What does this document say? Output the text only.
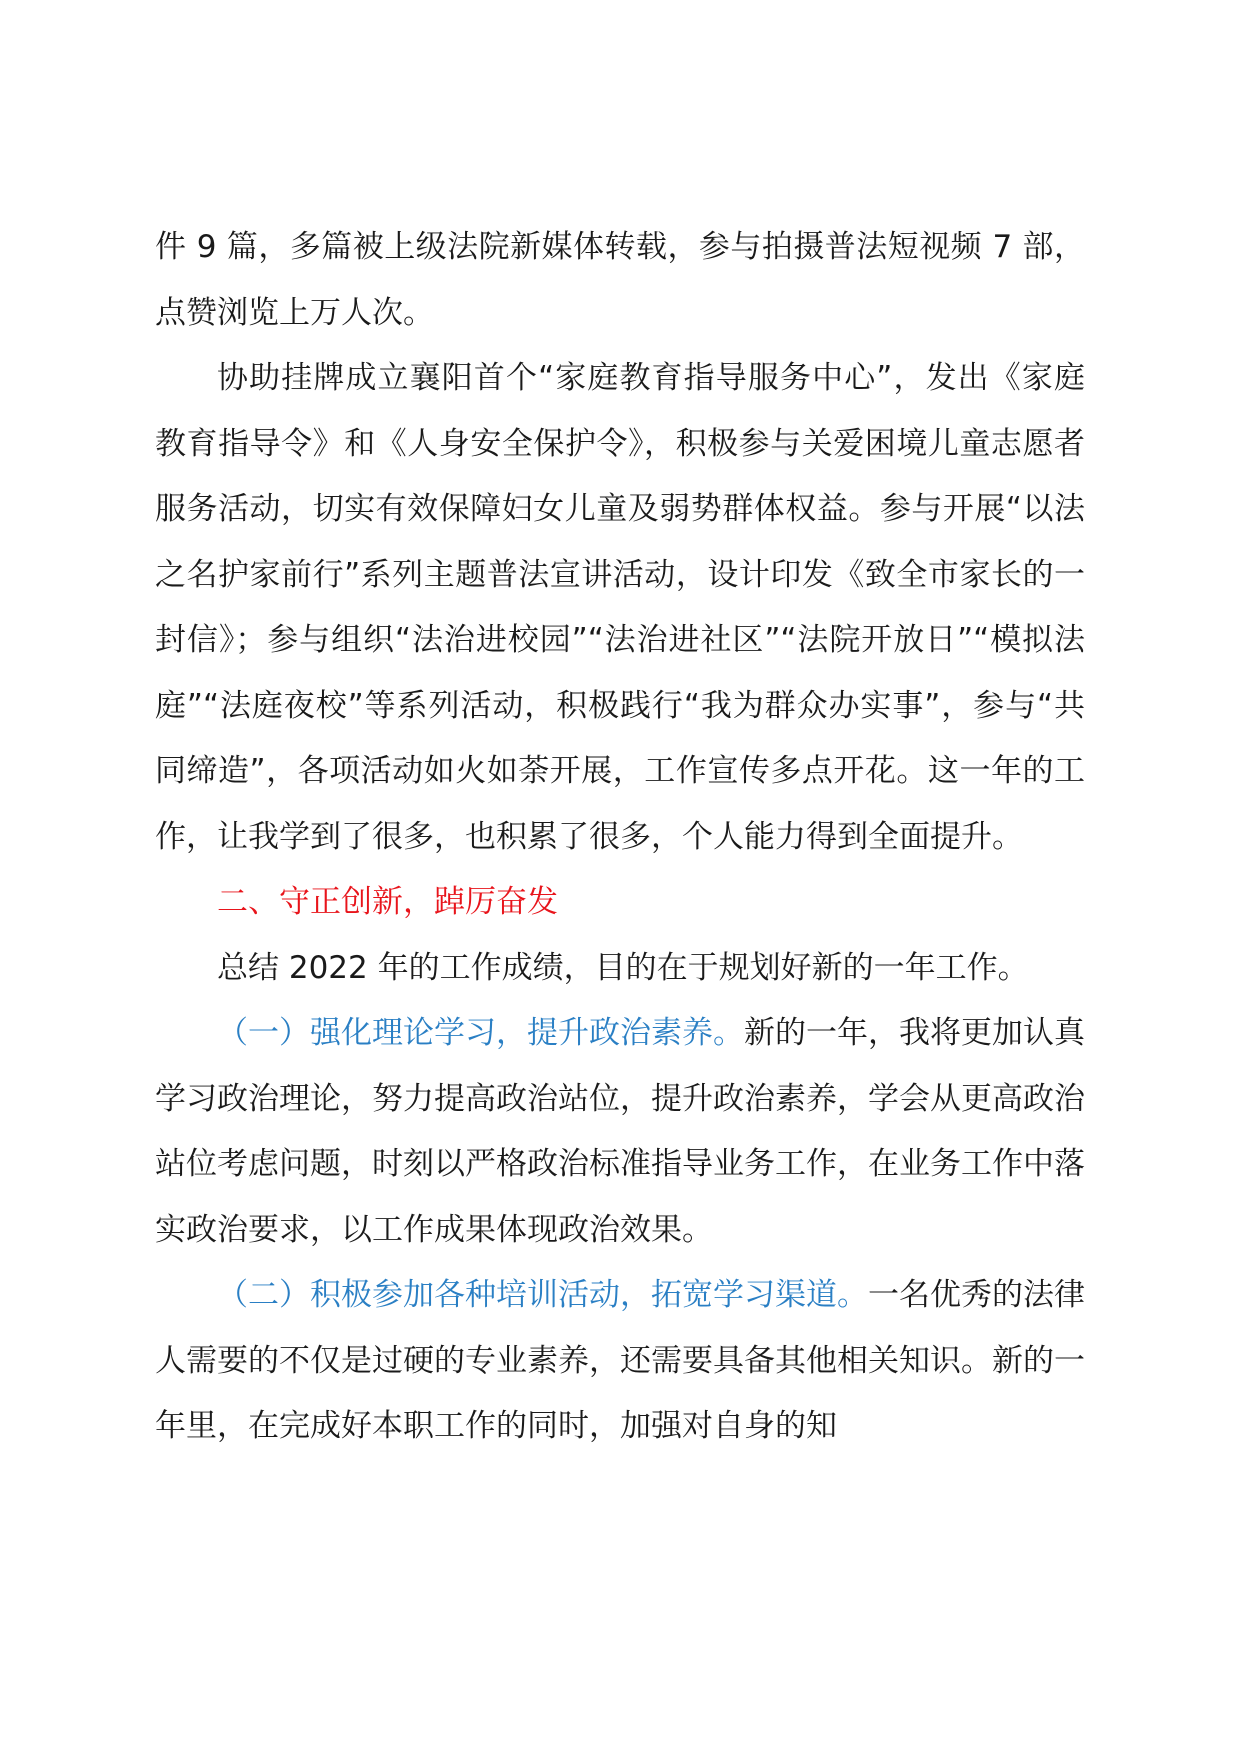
件 9 篇，多篇被上级法院新媒体转载，参与拍摄普法短视频 7 部，点赞浏览上万人次。

协助挂牌成立襄阳首个“家庭教育指导服务中心”，发出《家庭教育指导令》和《人身安全保护令》，积极参与关爱困境儿童志愿者服务活动，切实有效保障妇女儿童及弱势群体权益。参与开展“以法之名护家前行”系列主题普法宣讲活动，设计印发《致全市家长的一封信》；参与组织“法治进校园”“法治进社区”“法院开放日”“模拟法庭”“法庭夜校”等系列活动，积极践行“我为群众办实事”，参与“共同缔造”，各项活动如火如荼开展，工作宣传多点开花。这一年的工作，让我学到了很多，也积累了很多，个人能力得到全面提升。

二、守正创新，踔厉奋发

总结 2022 年的工作成绩，目的在于规划好新的一年工作。

（一）强化理论学习，提升政治素养。新的一年，我将更加认真学习政治理论，努力提高政治站位，提升政治素养，学会从更高政治站位考虑问题，时刻以严格政治标准指导业务工作，在业务工作中落实政治要求，以工作成果体现政治效果。

（二）积极参加各种培训活动，拓宽学习渠道。一名优秀的法律人需要的不仅是过硬的专业素养，还需要具备其他相关知识。新的一年里，在完成好本职工作的同时，加强对自身的知
